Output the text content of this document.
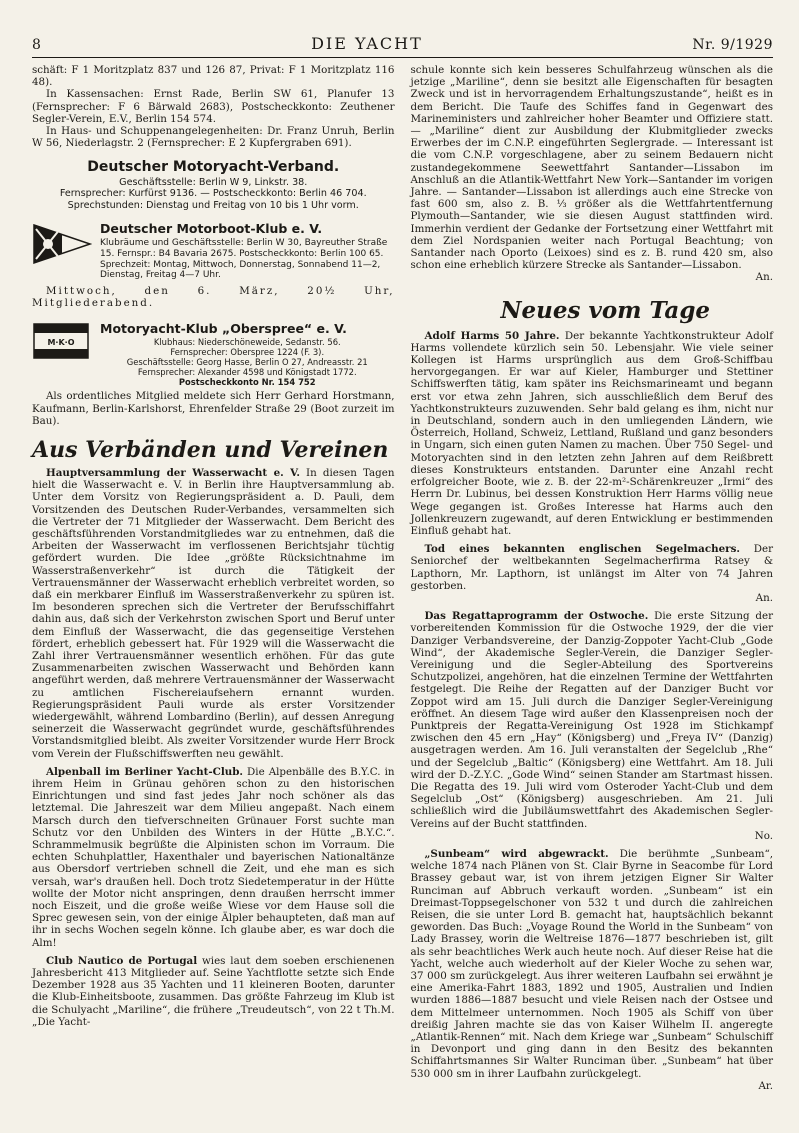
8	DIE YACHT	Nr. 9/1929

schäft: F 1 Moritzplatz 837 und 126 87, Privat: F 1 Moritzplatz 116 48).

In Kassensachen: Ernst Rade, Berlin SW 61, Planufer 13 (Fernsprecher: F 6 Bärwald 2683), Postscheckkonto: Zeuthener Segler-Verein, E.V., Berlin 154 574.

In Haus- und Schuppenangelegenheiten: Dr. Franz Unruh, Berlin W 56, Niederlagstr. 2 (Fernsprecher: E 2 Kupfergraben 691).

Deutscher Motoryacht-Verband.
Geschäftsstelle: Berlin W 9, Linkstr. 38.
Fernsprecher: Kurfürst 9136. — Postscheckkonto: Berlin 46 704.
Sprechstunden: Dienstag und Freitag von 10 bis 1 Uhr vorm.
Deutscher Motorboot-Klub e. V.
Klubräume und Geschäftsstelle: Berlin W 30, Bayreuther Straße 15. Fernspr.: B4 Bavaria 2675. Postscheckkonto: Berlin 100 65. Sprechzeit: Montag, Mittwoch, Donnerstag, Sonnabend 11—2, Dienstag, Freitag 4—7 Uhr.

Mittwoch, den 6. März, 20½ Uhr, Mitgliederabend.

M·K·O
Motoryacht-Klub „Oberspree“ e. V.
Klubhaus: Niederschöneweide, Sedanstr. 56.
Fernsprecher: Oberspree 1224 (F. 3).
Geschäftsstelle: Georg Hasse, Berlin O 27, Andreasstr. 21
Fernsprecher: Alexander 4598 und Königstadt 1772.
Postscheckkonto Nr. 154 752

Als ordentliches Mitglied meldete sich Herr Gerhard Horstmann, Kaufmann, Berlin-Karlshorst, Ehrenfelder Straße 29 (Boot zurzeit im Bau).

Aus Verbänden und Vereinen

Hauptversammlung der Wasserwacht e. V. In diesen Tagen hielt die Wasserwacht e. V. in Berlin ihre Hauptversammlung ab. Unter dem Vorsitz von Regierungspräsident a. D. Pauli, dem Vorsitzenden des Deutschen Ruder-Verbandes, versammelten sich die Vertreter der 71 Mitglieder der Wasserwacht. Dem Bericht des geschäftsführenden Vorstandmitgliedes war zu entnehmen, daß die Arbeiten der Wasserwacht im verflossenen Berichtsjahr tüchtig gefördert wurden. Die Idee „größte Rücksichtnahme im Wasserstraßenverkehr“ ist durch die Tätigkeit der Vertrauensmänner der Wasserwacht erheblich verbreitet worden, so daß ein merkbarer Einfluß im Wasserstraßenverkehr zu spüren ist. Im besonderen sprechen sich die Vertreter der Berufsschiffahrt dahin aus, daß sich der Verkehrston zwischen Sport und Beruf unter dem Einfluß der Wasserwacht, die das gegenseitige Verstehen fördert, erheblich gebessert hat. Für 1929 will die Wasserwacht die Zahl ihrer Vertrauensmänner wesentlich erhöhen. Für das gute Zusammenarbeiten zwischen Wasserwacht und Behörden kann angeführt werden, daß mehrere Vertrauensmänner der Wasserwacht zu amtlichen Fischereiaufsehern ernannt wurden. Regierungspräsident Pauli wurde als erster Vorsitzender wiedergewählt, während Lombardino (Berlin), auf dessen Anregung seinerzeit die Wasserwacht gegründet wurde, geschäftsführendes Vorstandsmitglied bleibt. Als zweiter Vorsitzender wurde Herr Brock vom Verein der Flußschiffswerften neu gewählt.

Alpenball im Berliner Yacht-Club. Die Alpenbälle des B.Y.C. in ihrem Heim in Grünau gehören schon zu den historischen Einrichtungen und sind fast jedes Jahr noch schöner als das letztemal. Die Jahreszeit war dem Milieu angepaßt. Nach einem Marsch durch den tiefverschneiten Grünauer Forst suchte man Schutz vor den Unbilden des Winters in der Hütte „B.Y.C.“. Schrammelmusik begrüßte die Alpinisten schon im Vorraum. Die echten Schuhplattler, Haxenthaler und bayerischen Nationaltänze aus Obersdorf vertrieben schnell die Zeit, und ehe man es sich versah, war's draußen hell. Doch trotz Siedetemperatur in der Hütte wollte der Motor nicht anspringen, denn draußen herrscht immer noch Eiszeit, und die große weiße Wiese vor dem Hause soll die Sprec gewesen sein, von der einige Älpler behaupteten, daß man auf ihr in sechs Wochen segeln könne. Ich glaube aber, es war doch die Alm!

Club Nautico de Portugal wies laut dem soeben erschienenen Jahresbericht 413 Mitglieder auf. Seine Yachtflotte setzte sich Ende Dezember 1928 aus 35 Yachten und 11 kleineren Booten, darunter die Klub-Einheitsboote, zusammen. Das größte Fahrzeug im Klub ist die Schulyacht „Mariline“, die frühere „Treudeutsch“, von 22 t Th.M. „Die Yacht-

schule konnte sich kein besseres Schulfahrzeug wünschen als die jetzige „Mariline“, denn sie besitzt alle Eigenschaften für besagten Zweck und ist in hervorragendem Erhaltungszustande“, heißt es in dem Bericht. Die Taufe des Schiffes fand in Gegenwart des Marineministers und zahlreicher hoher Beamter und Offiziere statt. — „Mariline“ dient zur Ausbildung der Klubmitglieder zwecks Erwerbes der im C.N.P. eingeführten Seglergrade. — Interessant ist die vom C.N.P. vorgeschlagene, aber zu seinem Bedauern nicht zustandegekommene Seewettfahrt Santander—Lissabon im Anschluß an die Atlantik-Wettfahrt New York—Santander im vorigen Jahre. — Santander—Lissabon ist allerdings auch eine Strecke von fast 600 sm, also z. B. ⅓ größer als die Wettfahrtentfernung Plymouth—Santander, wie sie diesen August stattfinden wird. Immerhin verdient der Gedanke der Fortsetzung einer Wettfahrt mit dem Ziel Nordspanien weiter nach Portugal Beachtung; von Santander nach Oporto (Leixoes) sind es z. B. rund 420 sm, also schon eine erheblich kürzere Strecke als Santander—Lissabon.

An.

Neues vom Tage

Adolf Harms 50 Jahre. Der bekannte Yachtkonstrukteur Adolf Harms vollendete kürzlich sein 50. Lebensjahr. Wie viele seiner Kollegen ist Harms ursprünglich aus dem Groß-Schiffbau hervorgegangen. Er war auf Kieler, Hamburger und Stettiner Schiffswerften tätig, kam später ins Reichsmarineamt und begann erst vor etwa zehn Jahren, sich ausschließlich dem Beruf des Yachtkonstrukteurs zuzuwenden. Sehr bald gelang es ihm, nicht nur in Deutschland, sondern auch in den umliegenden Ländern, wie Österreich, Holland, Schweiz, Lettland, Rußland und ganz besonders in Ungarn, sich einen guten Namen zu machen. Über 750 Segel- und Motoryachten sind in den letzten zehn Jahren auf dem Reißbrett dieses Konstrukteurs entstanden. Darunter eine Anzahl recht erfolgreicher Boote, wie z. B. der 22-m²-Schärenkreuzer „Irmi“ des Herrn Dr. Lubinus, bei dessen Konstruktion Herr Harms völlig neue Wege gegangen ist. Großes Interesse hat Harms auch den Jollenkreuzern zugewandt, auf deren Entwicklung er bestimmenden Einfluß gehabt hat.

Tod eines bekannten englischen Segelmachers. Der Seniorchef der weltbekannten Segelmacherfirma Ratsey & Lapthorn, Mr. Lapthorn, ist unlängst im Alter von 74 Jahren gestorben.

An.

Das Regattaprogramm der Ostwoche. Die erste Sitzung der vorbereitenden Kommission für die Ostwoche 1929, der die vier Danziger Verbandsvereine, der Danzig-Zoppoter Yacht-Club „Gode Wind“, der Akademische Segler-Verein, die Danziger Segler-Vereinigung und die Segler-Abteilung des Sportvereins Schutzpolizei, angehören, hat die einzelnen Termine der Wettfahrten festgelegt. Die Reihe der Regatten auf der Danziger Bucht vor Zoppot wird am 15. Juli durch die Danziger Segler-Vereinigung eröffnet. An diesem Tage wird außer den Klassenpreisen noch der Punktpreis der Regatta-Vereinigung Ost 1928 im Stichkampf zwischen den 45 ern „Hay“ (Königsberg) und „Freya IV“ (Danzig) ausgetragen werden. Am 16. Juli veranstalten der Segelclub „Rhe“ und der Segelclub „Baltic“ (Königsberg) eine Wettfahrt. Am 18. Juli wird der D.-Z.Y.C. „Gode Wind“ seinen Stander am Startmast hissen. Die Regatta des 19. Juli wird vom Osteroder Yacht-Club und dem Segelclub „Ost“ (Königsberg) ausgeschrieben. Am 21. Juli schließlich wird die Jubiläumswettfahrt des Akademischen Segler-Vereins auf der Bucht stattfinden.

No.

„Sunbeam“ wird abgewrackt. Die berühmte „Sunbeam“, welche 1874 nach Plänen von St. Clair Byrne in Seacombe für Lord Brassey gebaut war, ist von ihrem jetzigen Eigner Sir Walter Runciman auf Abbruch verkauft worden. „Sunbeam“ ist ein Dreimast-Toppsegelschoner von 532 t und durch die zahlreichen Reisen, die sie unter Lord B. gemacht hat, hauptsächlich bekannt geworden. Das Buch: „Voyage Round the World in the Sunbeam“ von Lady Brassey, worin die Weltreise 1876—1877 beschrieben ist, gilt als sehr beachtliches Werk auch heute noch. Auf dieser Reise hat die Yacht, welche auch wiederholt auf der Kieler Woche zu sehen war, 37 000 sm zurückgelegt. Aus ihrer weiteren Laufbahn sei erwähnt je eine Amerika-Fahrt 1883, 1892 und 1905, Australien und Indien wurden 1886—1887 besucht und viele Reisen nach der Ostsee und dem Mittelmeer unternommen. Noch 1905 als Schiff von über dreißig Jahren machte sie das von Kaiser Wilhelm II. angeregte „Atlantik-Rennen“ mit. Nach dem Kriege war „Sunbeam“ Schulschiff in Devonport und ging dann in den Besitz des bekannten Schiffahrtsmannes Sir Walter Runciman über. „Sunbeam“ hat über 530 000 sm in ihrer Laufbahn zurückgelegt.

Ar.
